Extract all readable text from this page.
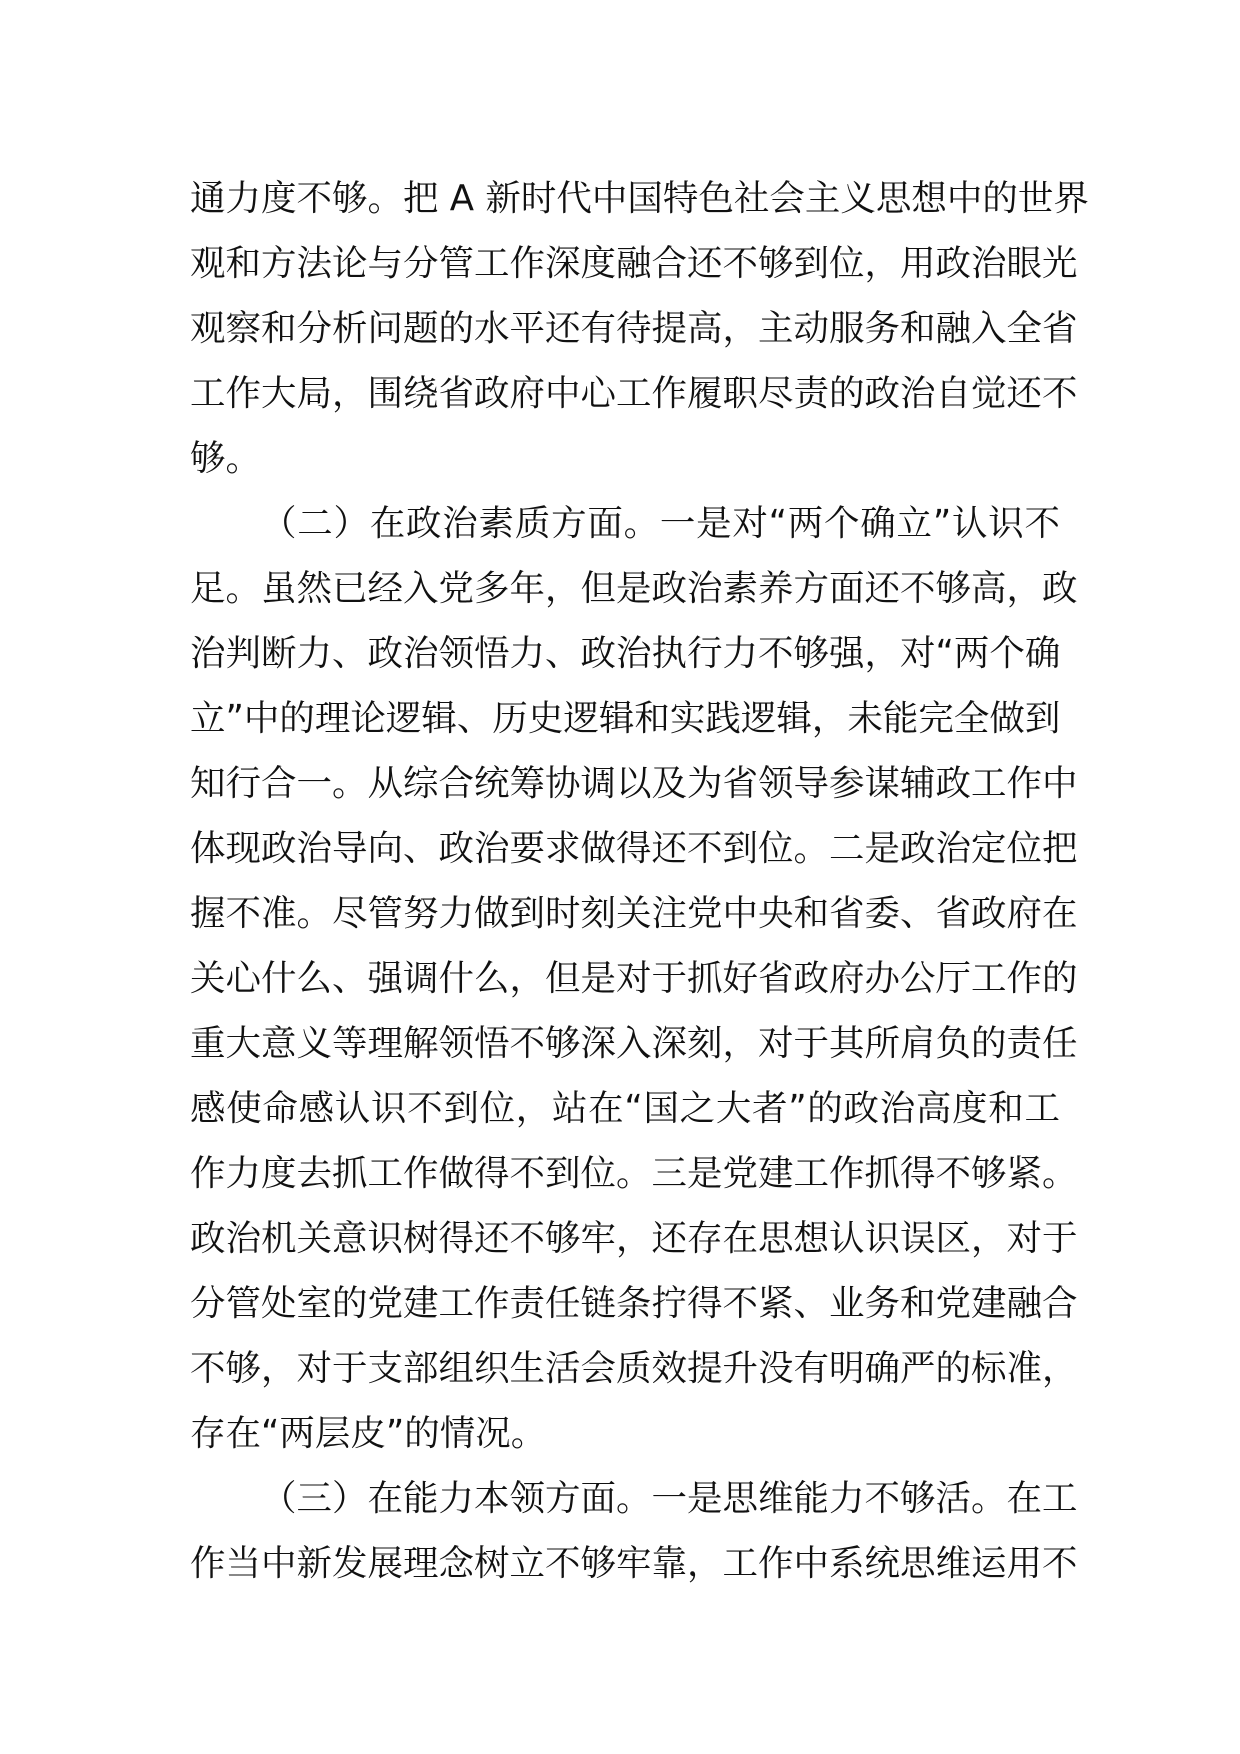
通力度不够。把 A 新时代中国特色社会主义思想中的世界
观和方法论与分管工作深度融合还不够到位，用政治眼光
观察和分析问题的水平还有待提高，主动服务和融入全省
工作大局，围绕省政府中心工作履职尽责的政治自觉还不
够。
（二）在政治素质方面。一是对“两个确立”认识不
足。虽然已经入党多年，但是政治素养方面还不够高，政
治判断力、政治领悟力、政治执行力不够强，对“两个确
立”中的理论逻辑、历史逻辑和实践逻辑，未能完全做到
知行合一。从综合统筹协调以及为省领导参谋辅政工作中
体现政治导向、政治要求做得还不到位。二是政治定位把
握不准。尽管努力做到时刻关注党中央和省委、省政府在
关心什么、强调什么，但是对于抓好省政府办公厅工作的
重大意义等理解领悟不够深入深刻，对于其所肩负的责任
感使命感认识不到位，站在“国之大者”的政治高度和工
作力度去抓工作做得不到位。三是党建工作抓得不够紧。
政治机关意识树得还不够牢，还存在思想认识误区，对于
分管处室的党建工作责任链条拧得不紧、业务和党建融合
不够，对于支部组织生活会质效提升没有明确严的标准，
存在“两层皮”的情况。
（三）在能力本领方面。一是思维能力不够活。在工
作当中新发展理念树立不够牢靠，工作中系统思维运用不
